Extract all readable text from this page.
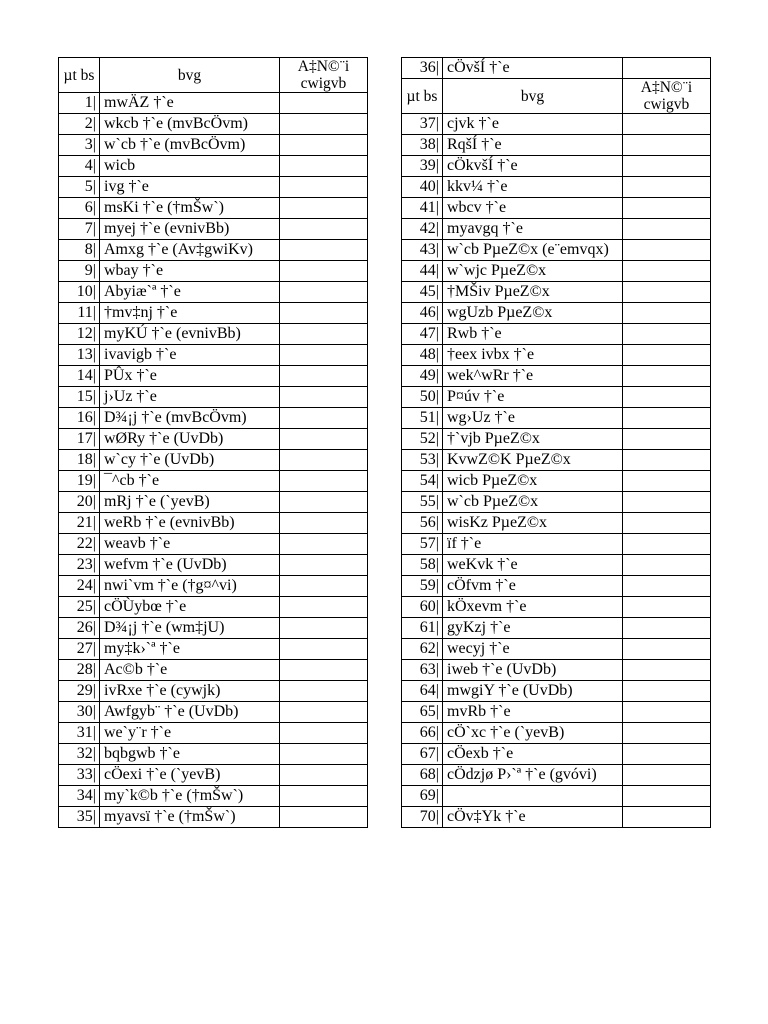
µt bs	bvg	A‡N©¨i cwigvb
1|	mwÄZ †`e	
2|	wkcb †`e (mvBcÖvm)	
3|	w`cb †`e (mvBcÖvm)	
4|	wicb	
5|	ivg †`e	
6|	msKi †`e (†mŠw`)	
7|	myej †`e (evnivBb)	
8|	Amxg †`e (Av‡gwiKv)	
9|	wbay †`e	
10|	Abyiæ`ª †`e	
11|	†mv‡nj †`e	
12|	myKÚ †`e (evnivBb)	
13|	ivavigb †`e	
14|	PÛx †`e	
15|	j›Uz †`e	
16|	D¾¡j †`e (mvBcÖvm)	
17|	wØRy †`e (UvDb)	
18|	w`cy †`e (UvDb)	
19|	¯^cb †`e	
20|	mRj †`e (`yevB)	
21|	weRb †`e (evnivBb)	
22|	weavb †`e	
23|	wefvm †`e (UvDb)	
24|	nwi`vm †`e (†g¤^vi)	
25|	cÖÙybœ †`e	
26|	D¾¡j †`e (wm‡jU)	
27|	my‡k›`ª †`e	
28|	Ac©b †`e	
29|	ivRxe †`e (cywjk)	
30|	Awfgyb¨ †`e (UvDb)	
31|	we`y¨r †`e	
32|	bqbgwb †`e	
33|	cÖexi †`e (`yevB)	
34|	my`k©b †`e (†mŠw`)	
35|	myavsï †`e (†mŠw`)	
36|	cÖvšÍ †`e	
µt bs	bvg	A‡N©¨i cwigvb
37|	cjvk †`e	
38|	RqšÍ †`e	
39|	cÖkvšÍ †`e	
40|	kkv¼ †`e	
41|	wbcv †`e	
42|	myavgq †`e	
43|	w`cb PµeZ©x (e¨emvqx)	
44|	w`wjc PµeZ©x	
45|	†MŠiv PµeZ©x	
46|	wgUzb PµeZ©x	
47|	Rwb †`e	
48|	†eex ivbx †`e	
49|	wek^wRr †`e	
50|	P¤úv †`e	
51|	wg›Uz †`e	
52|	†`vjb PµeZ©x	
53|	KvwZ©K PµeZ©x	
54|	wicb PµeZ©x	
55|	w`cb PµeZ©x	
56|	wisKz PµeZ©x	
57|	ïf †`e	
58|	weKvk †`e	
59|	cÖfvm †`e	
60|	kÖxevm †`e	
61|	gyKzj †`e	
62|	wecyj †`e	
63|	iweb †`e (UvDb)	
64|	mwgiY †`e (UvDb)	
65|	mvRb †`e	
66|	cÖ`xc †`e (`yevB)	
67|	cÖexb †`e	
68|	cÖdzjø P›`ª †`e (gvóvi)	
69|		
70|	cÖv‡Yk †`e	
